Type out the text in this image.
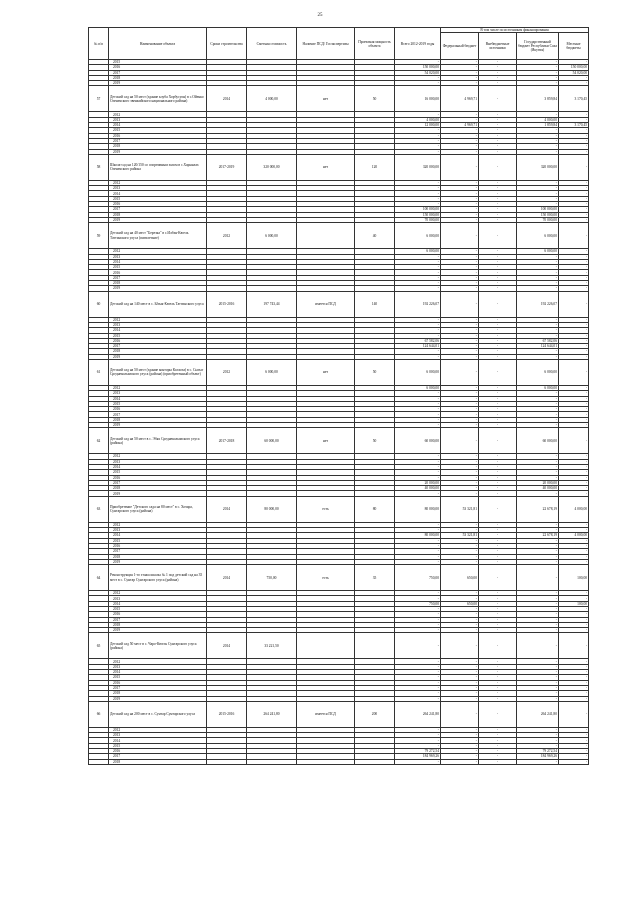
25
№ п/п	Наименование объекта	Сроки строительства	Сметная стоимость	Наличие ПСД/ Госэкспертизы	Проектная мощность объекта	Всего 2012-2019 годы	В том числе по источникам финансирования			
							Федеральный бюджет	Внебюджетные источники	Государственный бюджет Республики Саха (Якутия)	Местные бюджеты
	2015					-	-	-	-	-
	2016					150 000,00	-	-	-	150 000,00
	2017					54 020,00	-	-	-	54 020,00
	2018					-	-	-	-	-
	2019					-	-	-	-	-
57	Детский сад на 50 мест (здание клуба Хорбусуон) в с.Ойенко Оленекского эвенкийского национального района)	2014	4 000,00	нет	50	16 000,00	4 969,71	-	3 859,84	3 170,45
	2012					-	-	-	-	-
	2013					4 000,00	-	-	4 000,00	-
	2014					12 000,00	4 969,71	-	1 859,84	3 170,45
	2015					-	-	-	-	-
	2016					-	-	-	-	-
	2017					-	-	-	-	-
	2018					-	-	-	-	-
	2019					-	-	-	-	-
58	Школа-сад на 120/150 со спортивным залом в с.Харыялах Оленекского района	2017-2019	320 000,00	нет	120	320 000,00	-	-	320 000,00	-
	2012					-	-	-	-	-
	2013					-	-	-	-	-
	2014					-	-	-	-	-
	2015					-	-	-	-	-
	2016					-	-	-	-	-
	2017					100 000,00	-	-	100 000,00	-
	2018					150 000,00	-	-	150 000,00	-
	2019					70 000,00	-	-	70 000,00	-
59	Детский сад на 40 мест "Березка" в с.Илбэн-Кюель Таттинского улуса (пятилетние)	2012	6 000,00		40	6 000,00	-	-	6 000,00	-
	2012					6 000,00	-	-	6 000,00	-
	2013					-	-	-	-	-
	2014					-	-	-	-	-
	2015					-	-	-	-	-
	2016					-	-	-	-	-
	2017					-	-	-	-	-
	2018					-	-	-	-	-
	2019					-	-	-	-	-
60	Детский сад на 140 мест в с. Ытык-Кюель Таттинского улуса	2015-2016	197 743,44	имеется ПСД	140	192 226,07	-	-	192 226,07	-
	2012					-	-	-	-	-
	2013					-	-	-	-	-
	2014					-	-	-	-	-
	2015					-	-	-	-	-
	2016					67 582,06	-	-	67 582,06	-
	2017					124 644,01	-	-	124 644,01	-
	2018					-	-	-	-	-
	2019					-	-	-	-	-
61	Детский сад на 50 мест (здание конторы Колхоза) в с. Сыгыг Среднеколымского улуса (района) (приобретенный объект)	2012	6 000,00	нет	50	6 000,00	-	-	6 000,00	-
	2012					6 000,00	-	-	6 000,00	-
	2013					-	-	-	-	-
	2014					-	-	-	-	-
	2015					-	-	-	-	-
	2016					-	-	-	-	-
	2017					-	-	-	-	-
	2018					-	-	-	-	-
	2019					-	-	-	-	-
62	Детский сад на 50 мест в с. Эбях Среднеколымского улуса (района)	2017-2018	60 000,00	нет	50	60 000,00	-	-	60 000,00	-
	2012					-	-	-	-	-
	2013					-	-	-	-	-
	2014					-	-	-	-	-
	2015					-	-	-	-	-
	2016					-	-	-	-	-
	2017					20 000,00	-	-	20 000,00	-
	2018					40 000,00	-	-	40 000,00	-
	2019					-	-	-	-	-
63	Приобретение "Детского сада на 80 мест" в с. Хочара, Сунтарского улуса (района)	2014	80 000,00	есть	80	80 000,00	53 321,81	-	22 678,19	4 000,00
	2012					-	-	-	-	-
	2013					-	-	-	-	-
	2014					80 000,00	53 321,81	-	22 678,19	4 000,00
	2015					-	-	-	-	-
	2016					-	-	-	-	-
	2017					-	-	-	-	-
	2018					-	-	-	-	-
	2019					-	-	-	-	-
64	Реконструкция 1-го этажа школы № 1 под детский сад на 35 мест в с. Сунтар Сунтарского улуса (района)	2014	750,00	есть	35	750,00	650,00	-	-	100,00
	2012					-	-	-	-	-
	2013					-	-	-	-	-
	2014					750,00	650,00	-	-	100,00
	2015					-	-	-	-	-
	2016					-	-	-	-	-
	2017					-	-	-	-	-
	2018					-	-	-	-	-
	2019					-	-	-	-	-
65	Детский сад 50 мест в с. Чаро-Кюель Сунтарского улуса (района)	2014	33 221,50			-	-	-	-	-
	2012					-	-	-	-	-
	2013					-	-	-	-	-
	2014					-	-	-	-	-
	2015					-	-	-	-	-
	2016					-	-	-	-	-
	2017					-	-	-	-	-
	2018					-	-	-	-	-
	2019					-	-	-	-	-
66	Детский сад на 200 мест в с. Сунтар Сунтарского улуса	2015-2016	264 241,80	имеется ПСД	200	264 241,80	-	-	264 241,80	-
	2012					-	-	-	-	-
	2013					-	-	-	-	-
	2014					-	-	-	-	-
	2015					-	-	-	-	-
	2016					79 272,54	-	-	79 272,54	-
	2017					184 969,26	-	-	184 969,26	-
	2018					-	-	-	-	-
